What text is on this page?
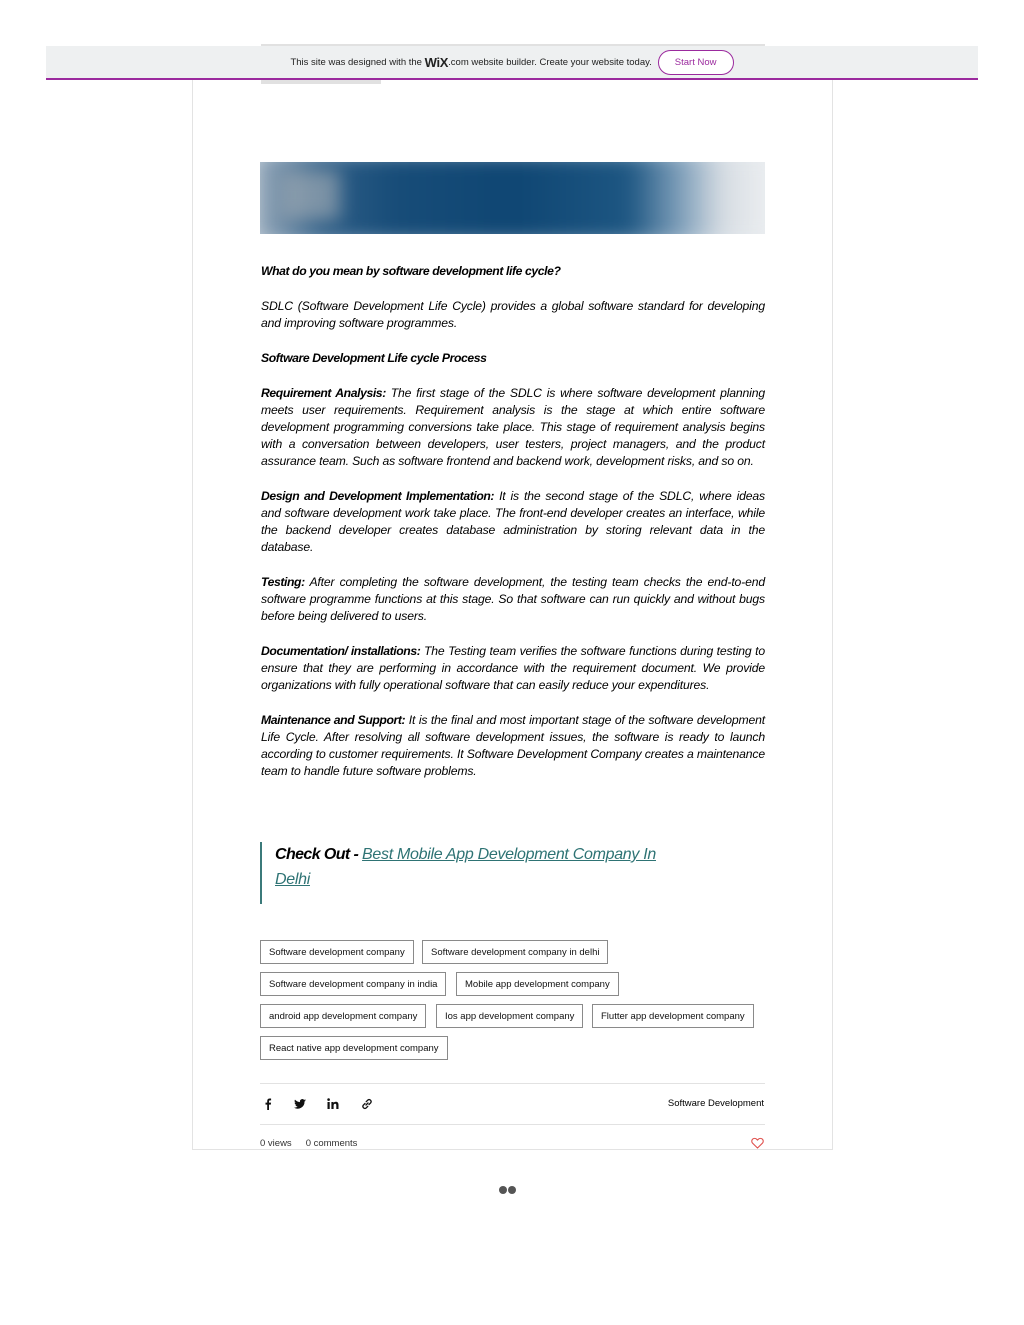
This site was designed with the
WiX .com website builder. Create your website today.	Start Now

What do you mean by software development life cycle?

SDLC (Software Development Life Cycle) provides a global software standard for developing and improving software programmes.

Software Development Life cycle Process

Requirement Analysis: The first stage of the SDLC is where software development planning meets user requirements. Requirement analysis is the stage at which entire software development programming conversions take place. This stage of requirement analysis begins with a conversation between developers, user testers, project managers, and the product assurance team. Such as software frontend and backend work, development risks, and so on.

Design and Development Implementation: It is the second stage of the SDLC, where ideas and software development work take place. The front-end developer creates an interface, while the backend developer creates database administration by storing relevant data in the database.

Testing: After completing the software development, the testing team checks the end-to-end software programme functions at this stage. So that software can run quickly and without bugs before being delivered to users.

Documentation/ installations: The Testing team verifies the software functions during testing to ensure that they are performing in accordance with the requirement document. We provide organizations with fully operational software that can easily reduce your expenditures.

Maintenance and Support: It is the final and most important stage of the software development Life Cycle. After resolving all software development issues, the software is ready to launch according to customer requirements. It Software Development Company creates a maintenance team to handle future software problems.

Check Out - Best Mobile App Development Company In
Delhi
Software development company	Software development company in delhi
Software development company in india	Mobile app development company
android app development company	Ios app development company	Flutter app development company
React native app development company
Software Development
0 views 0 comments
